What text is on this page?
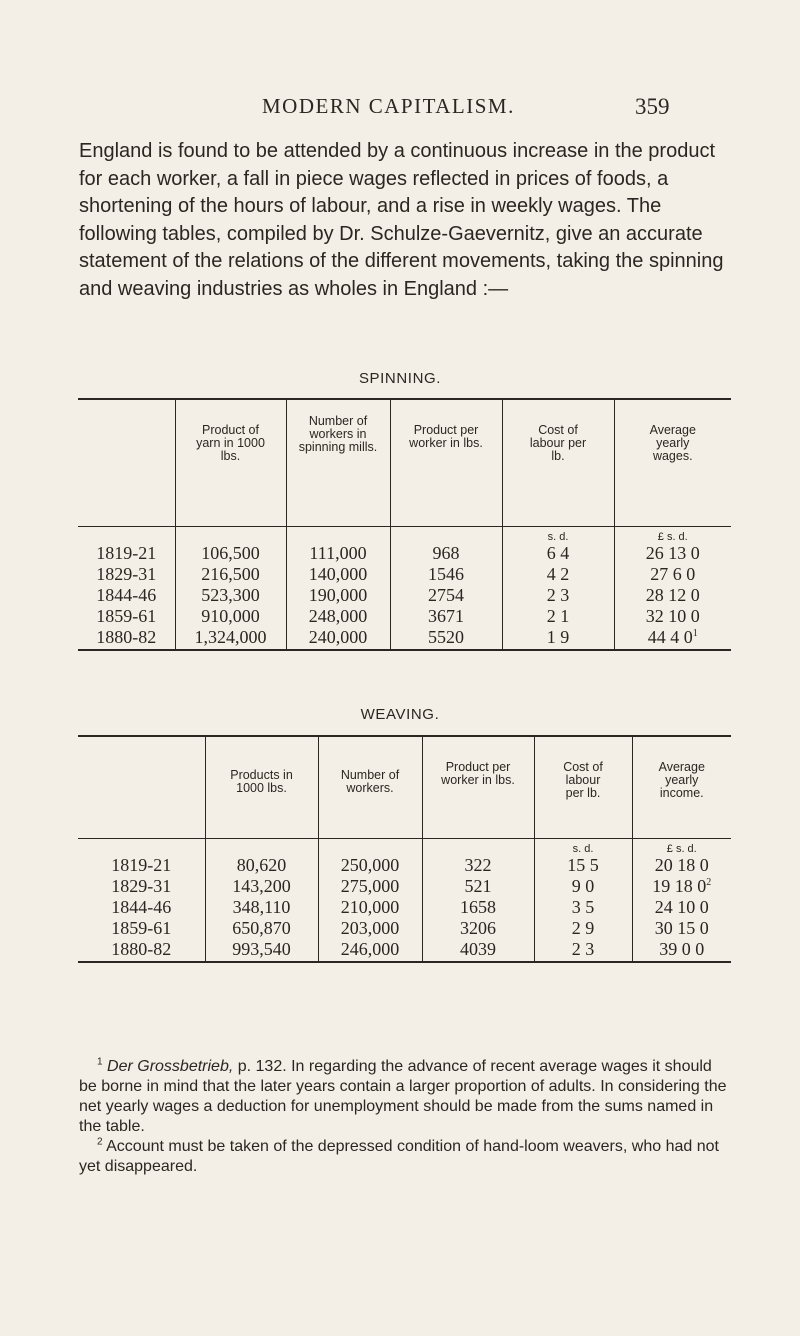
MODERN CAPITALISM.	359

England is found to be attended by a continuous increase in the product for each worker, a fall in piece wages reflected in prices of foods, a shortening of the hours of labour, and a rise in weekly wages. The following tables, compiled by Dr. Schulze-Gaevernitz, give an accurate statement of the relations of the different movements, taking the spinning and weaving industries as wholes in England :—

SPINNING.

	Product of yarn in 1000 lbs.	Number of workers in spinning mills.	Product per worker in lbs.	Cost of labour per lb.	Average yearly wages.
				s. d.	£ s. d.
1819-21	106,500	111,000	968	6 4	26 13 0
1829-31	216,500	140,000	1546	4 2	27 6 0
1844-46	523,300	190,000	2754	2 3	28 12 0
1859-61	910,000	248,000	3671	2 1	32 10 0
1880-82	1,324,000	240,000	5520	1 9	44 4 $0^1$

WEAVING.

	Products in 1000 lbs.	Number of workers.	Product per worker in lbs.	Cost of labour per lb.	Average yearly income.
				s. d.	£ s. d.
1819-21	80,620	250,000	322	15 5	20 18 0
1829-31	143,200	275,000	521	9 0	19 18 $0^2$
1844-46	348,110	210,000	1658	3 5	24 10 0
1859-61	650,870	203,000	3206	2 9	30 15 0
1880-82	993,540	246,000	4039	2 3	39 0 0

$^1$ Der Grossbetrieb, p. 132. In regarding the advance of recent average wages it should be borne in mind that the later years contain a larger proportion of adults. In considering the net yearly wages a deduction for unemployment should be made from the sums named in the table.

$^2$ Account must be taken of the depressed condition of hand-loom weavers, who had not yet disappeared.
